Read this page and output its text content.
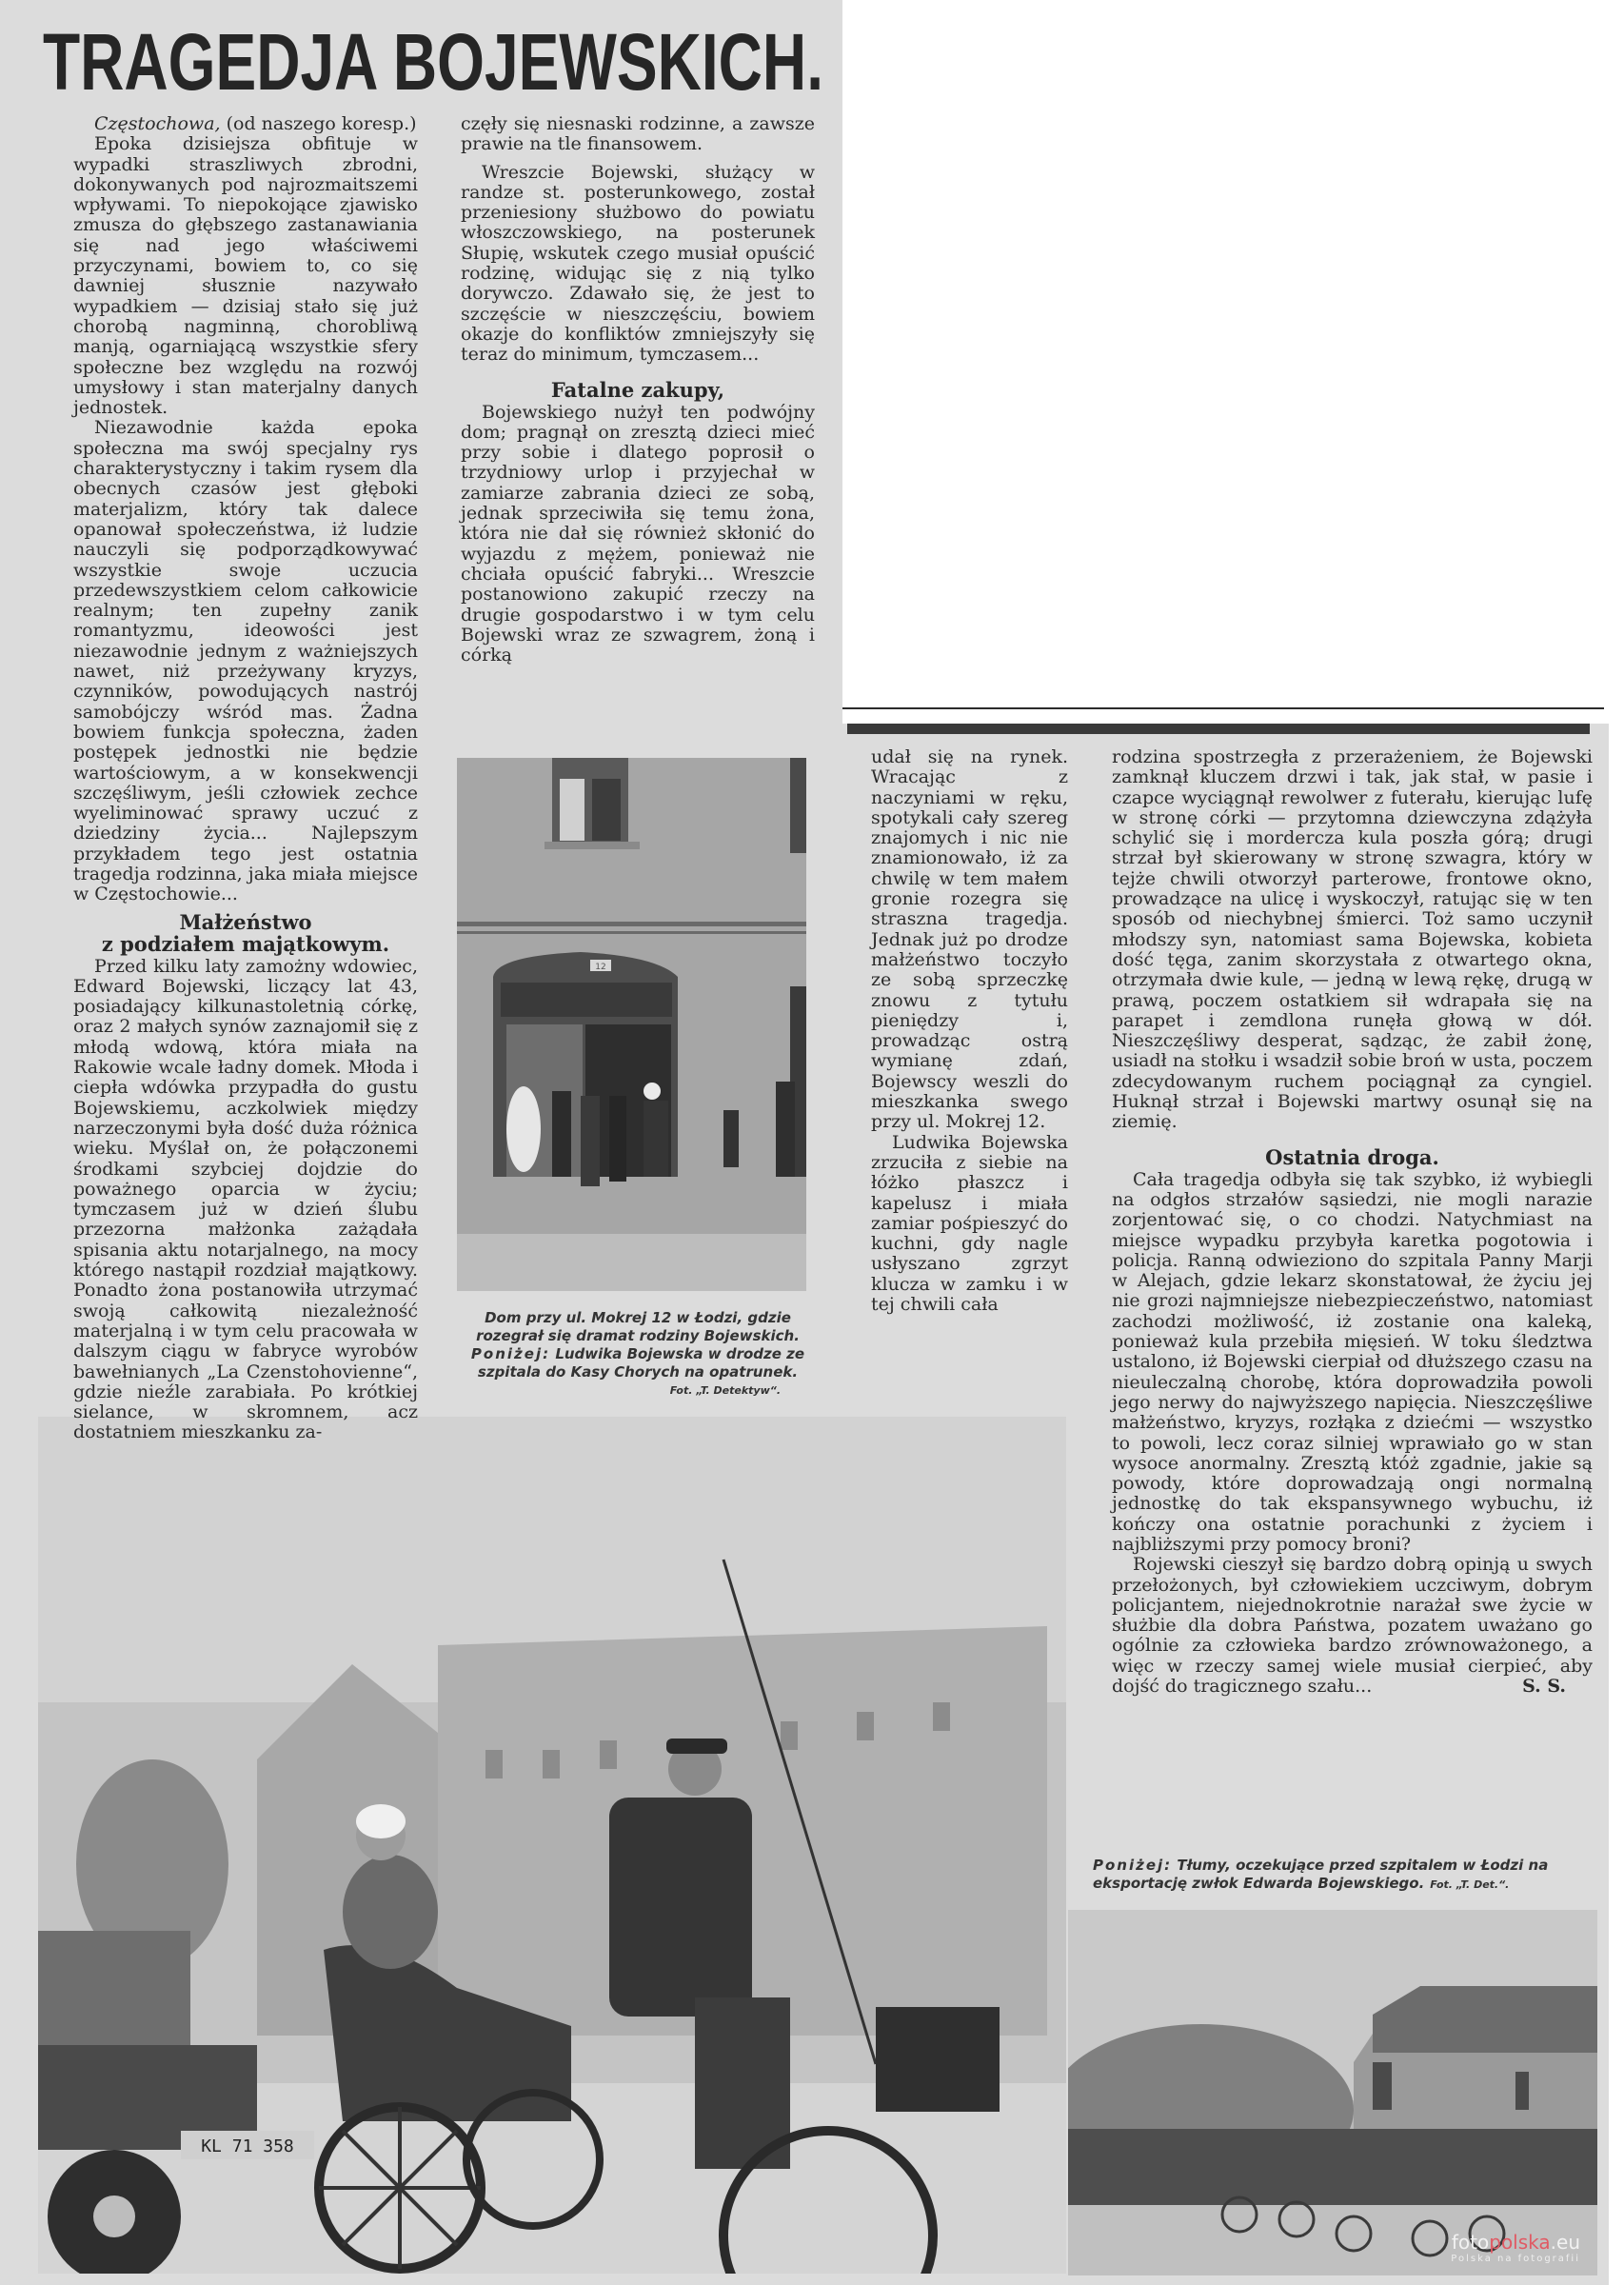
TRAGEDJA BOJEWSKICH.

Częstochowa, (od naszego koresp.)

Epoka dzisiejsza obfituje w wypadki straszliwych zbrodni, dokonywanych pod najrozmaitszemi wpływami. To niepokojące zjawisko zmusza do głębszego zastanawiania się nad jego właściwemi przyczynami, bowiem to, co się dawniej słusznie nazywało wypadkiem — dzisiaj stało się już chorobą nagminną, chorobliwą manją, ogarniającą wszystkie sfery społeczne bez względu na rozwój umysłowy i stan materjalny danych jednostek.

Niezawodnie każda epoka społeczna ma swój specjalny rys charakterystyczny i takim rysem dla obecnych czasów jest głęboki materjalizm, który tak dalece opanował społeczeństwa, iż ludzie nauczyli się podporządkowywać wszystkie swoje uczucia przedewszystkiem celom całkowicie realnym; ten zupełny zanik romantyzmu, ideowości jest niezawodnie jednym z ważniejszych nawet, niż przeżywany kryzys, czynników, powodujących nastrój samobójczy wśród mas. Żadna bowiem funkcja społeczna, żaden postępek jednostki nie będzie wartościowym, a w konsekwencji szczęśliwym, jeśli człowiek zechce wyeliminować sprawy uczuć z dziedziny życia... Najlepszym przykładem tego jest ostatnia tragedja rodzinna, jaka miała miejsce w Częstochowie...

Małżeństwo
z podziałem majątkowym.

Przed kilku laty zamożny wdowiec, Edward Bojewski, liczący lat 43, posiadający kilkunastoletnią córkę, oraz 2 małych synów zaznajomił się z młodą wdową, która miała na Rakowie wcale ładny domek. Młoda i ciepła wdówka przypadła do gustu Bojewskiemu, aczkolwiek między narzeczonymi była dość duża różnica wieku. Myślał on, że połączonemi środkami szybciej dojdzie do poważnego oparcia w życiu; tymczasem już w dzień ślubu przezorna małżonka zażądała spisania aktu notarjalnego, na mocy którego nastąpił rozdział majątkowy. Ponadto żona postanowiła utrzymać swoją całkowitą niezależność materjalną i w tym celu pracowała w dalszym ciągu w fabryce wyrobów bawełnianych „La Czenstohovienne“, gdzie nieźle zarabiała. Po krótkiej sielance, w skromnem, acz dostatniem mieszkanku za-

częły się niesnaski rodzinne, a zawsze prawie na tle finansowem.

Wreszcie Bojewski, służący w randze st. posterunkowego, został przeniesiony służbowo do powiatu włoszczowskiego, na posterunek Słupię, wskutek czego musiał opuścić rodzinę, widując się z nią tylko dorywczo. Zdawało się, że jest to szczęście w nieszczęściu, bowiem okazje do konfliktów zmniejszyły się teraz do minimum, tymczasem...

Fatalne zakupy,

Bojewskiego nużył ten podwójny dom; pragnął on zresztą dzieci mieć przy sobie i dlatego poprosił o trzydniowy urlop i przyjechał w zamiarze zabrania dzieci ze sobą, jednak sprzeciwiła się temu żona, która nie dał się również skłonić do wyjazdu z mężem, ponieważ nie chciała opuścić fabryki... Wreszcie postanowiono zakupić rzeczy na drugie gospodarstwo i w tym celu Bojewski wraz ze szwagrem, żoną i córką

12
Dom przy ul. Mokrej 12 w Łodzi, gdzie rozegrał się dramat rodziny Bojewskich.
Poniżej: Ludwika Bojewska w drodze ze szpitala do Kasy Chorych na opatrunek.
Fot. „T. Detektyw“.

udał się na rynek. Wracając z naczyniami w ręku, spotykali cały szereg znajomych i nic nie znamionowało, iż za chwilę w tem małem gronie rozegra się straszna tragedja. Jednak już po drodze małżeństwo toczyło ze sobą sprzeczkę znowu z tytułu pieniędzy i, prowadząc ostrą wymianę zdań, Bojewscy weszli do mieszkanka swego przy ul. Mokrej 12.

Ludwika Bojewska zrzuciła z siebie na łóżko płaszcz i kapelusz i miała zamiar pośpieszyć do kuchni, gdy nagle usłyszano zgrzyt klucza w zamku i w tej chwili cała

rodzina spostrzegła z przerażeniem, że Bojewski zamknął kluczem drzwi i tak, jak stał, w pasie i czapce wyciągnął rewolwer z futerału, kierując lufę w stronę córki — przytomna dziewczyna zdążyła schylić się i mordercza kula poszła górą; drugi strzał był skierowany w stronę szwagra, który w tejże chwili otworzył parterowe, frontowe okno, prowadzące na ulicę i wyskoczył, ratując się w ten sposób od niechybnej śmierci. Toż samo uczynił młodszy syn, natomiast sama Bojewska, kobieta dość tęga, zanim skorzystała z otwartego okna, otrzymała dwie kule, — jedną w lewą rękę, drugą w prawą, poczem ostatkiem sił wdrapała się na parapet i zemdlona runęła głową w dół. Nieszczęśliwy desperat, sądząc, że zabił żonę, usiadł na stołku i wsadził sobie broń w usta, poczem zdecydowanym ruchem pociągnął za cyngiel. Huknął strzał i Bojewski martwy osunął się na ziemię.

Ostatnia droga.

Cała tragedja odbyła się tak szybko, iż wybiegli na odgłos strzałów sąsiedzi, nie mogli narazie zorjentować się, o co chodzi. Natychmiast na miejsce wypadku przybyła karetka pogotowia i policja. Ranną odwieziono do szpitala Panny Marji w Alejach, gdzie lekarz skonstatował, że życiu jej nie grozi najmniejsze niebezpieczeństwo, natomiast zachodzi możliwość, iż zostanie ona kaleką, ponieważ kula przebiła mięsień. W toku śledztwa ustalono, iż Bojewski cierpiał od dłuższego czasu na nieuleczalną chorobę, która doprowadziła powoli jego nerwy do najwyższego napięcia. Nieszczęśliwe małżeństwo, kryzys, rozłąka z dziećmi — wszystko to powoli, lecz coraz silniej wprawiało go w stan wysoce anormalny. Zresztą któż zgadnie, jakie są powody, które doprowadzają ongi normalną jednostkę do tak ekspansywnego wybuchu, iż kończy ona ostatnie porachunki z życiem i najbliższymi przy pomocy broni?

Rojewski cieszył się bardzo dobrą opinją u swych przełożonych, był człowiekiem uczciwym, dobrym policjantem, niejednokrotnie narażał swe życie w służbie dla dobra Państwa, pozatem uważano go ogólnie za człowieka bardzo zrównoważonego, a więc w rzeczy samej wiele musiał cierpieć, aby dojść do tragicznego szału...	S. S.

KL 71 358
Poniżej: Tłumy, oczekujące przed szpitalem w Łodzi na eksportację zwłok Edwarda Bojewskiego. Fot. „T. Det.“.
fotopolska.eu
Polska na fotografii
